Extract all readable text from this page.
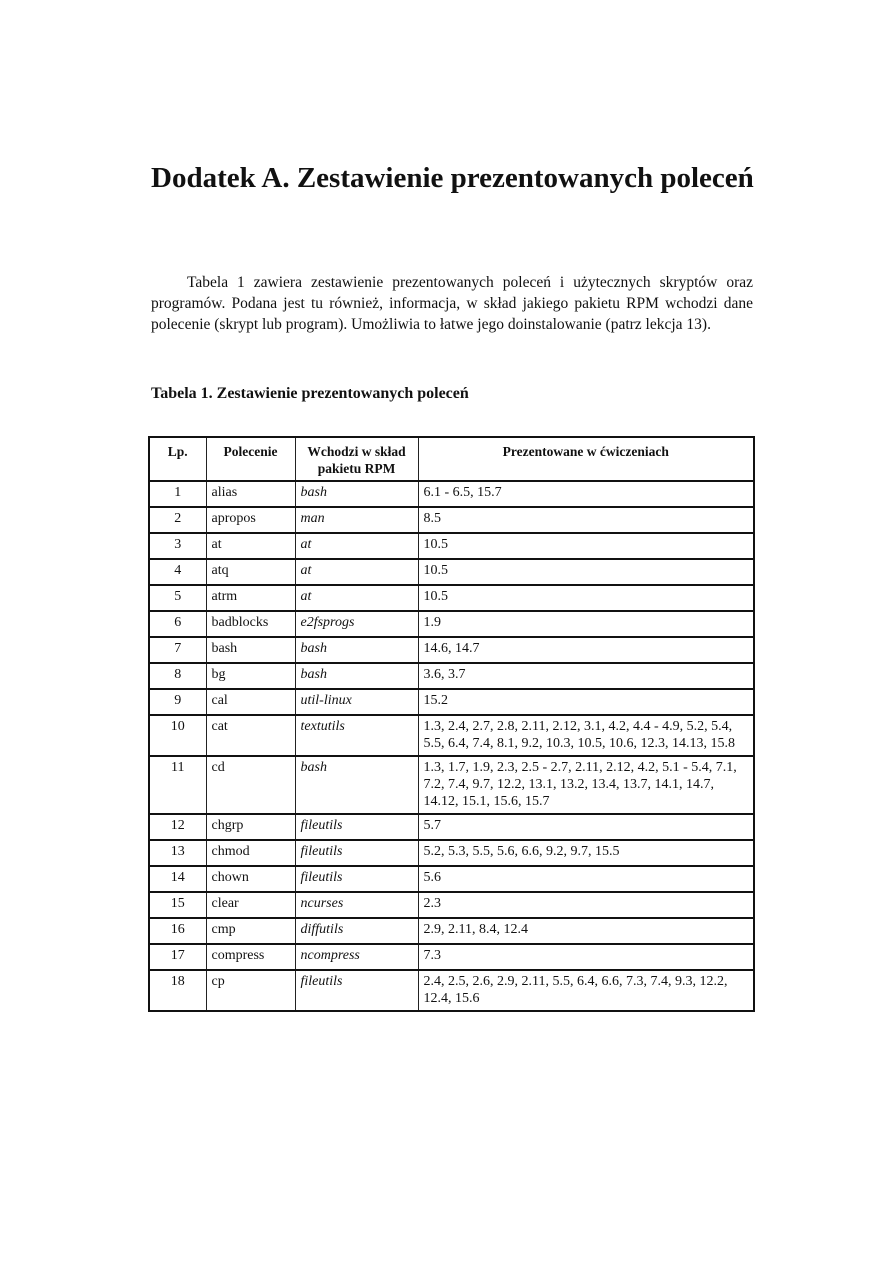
Dodatek A. Zestawienie prezentowanych poleceń

Tabela 1 zawiera zestawienie prezentowanych poleceń i użytecznych skryptów oraz programów. Podana jest tu również, informacja, w skład jakiego pakietu RPM wchodzi dane polecenie (skrypt lub program). Umożliwia to łatwe jego doinstalowanie (patrz lekcja 13).

Tabela 1. Zestawienie prezentowanych poleceń

Lp.	Polecenie	Wchodzi w skład pakietu RPM	Prezentowane w ćwiczeniach
1	alias	bash	6.1 - 6.5, 15.7
2	apropos	man	8.5
3	at	at	10.5
4	atq	at	10.5
5	atrm	at	10.5
6	badblocks	e2fsprogs	1.9
7	bash	bash	14.6, 14.7
8	bg	bash	3.6, 3.7
9	cal	util-linux	15.2
10	cat	textutils	1.3, 2.4, 2.7, 2.8, 2.11, 2.12, 3.1, 4.2, 4.4 - 4.9, 5.2, 5.4, 5.5, 6.4, 7.4, 8.1, 9.2, 10.3, 10.5, 10.6, 12.3, 14.13, 15.8
11	cd	bash	1.3, 1.7, 1.9, 2.3, 2.5 - 2.7, 2.11, 2.12, 4.2, 5.1 - 5.4, 7.1, 7.2, 7.4, 9.7, 12.2, 13.1, 13.2, 13.4, 13.7, 14.1, 14.7, 14.12, 15.1, 15.6, 15.7
12	chgrp	fileutils	5.7
13	chmod	fileutils	5.2, 5.3, 5.5, 5.6, 6.6, 9.2, 9.7, 15.5
14	chown	fileutils	5.6
15	clear	ncurses	2.3
16	cmp	diffutils	2.9, 2.11, 8.4, 12.4
17	compress	ncompress	7.3
18	cp	fileutils	2.4, 2.5, 2.6, 2.9, 2.11, 5.5, 6.4, 6.6, 7.3, 7.4, 9.3, 12.2, 12.4, 15.6
